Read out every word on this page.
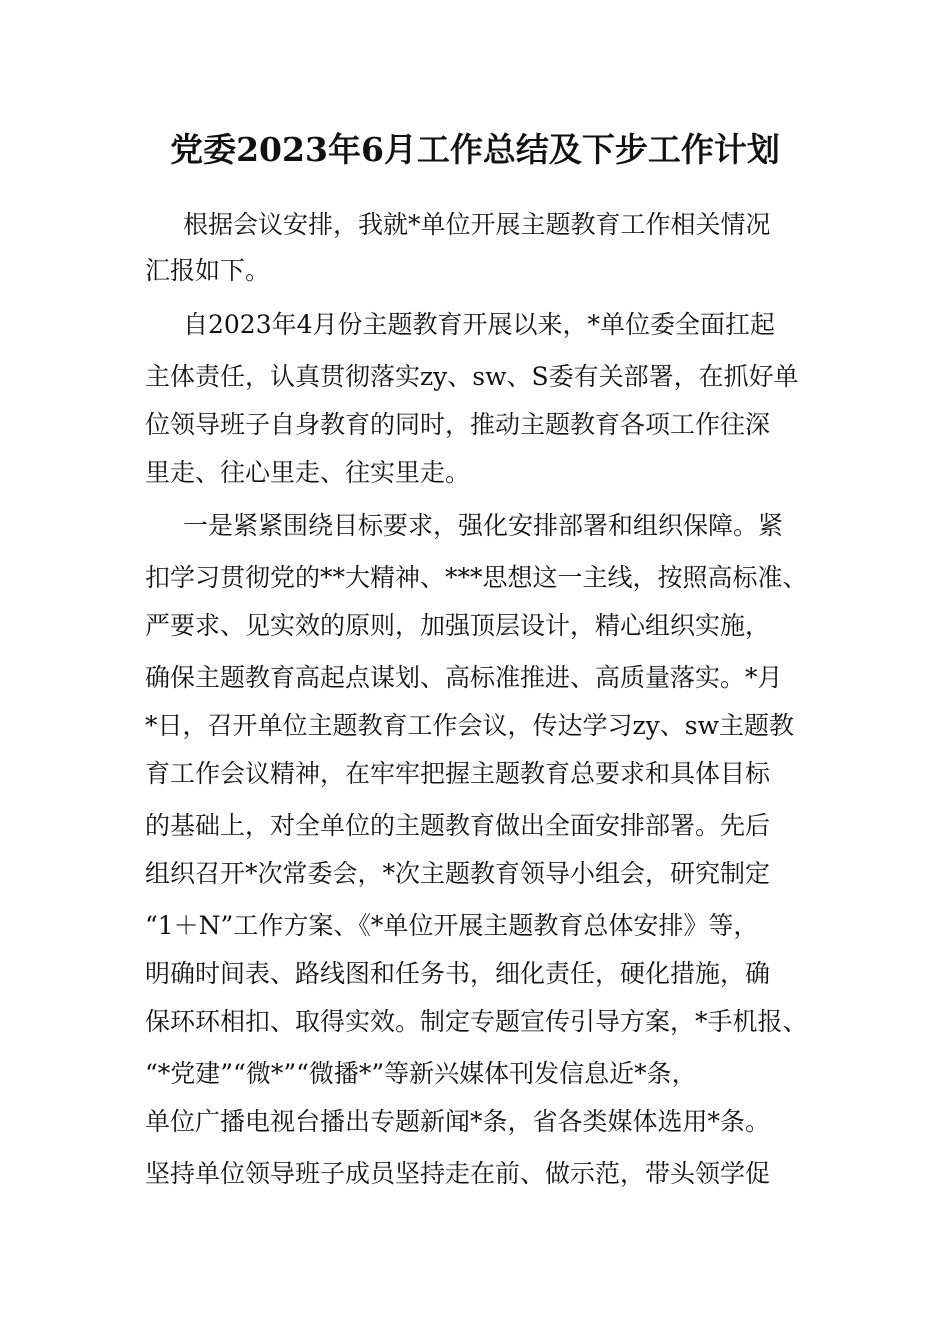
党委2023年6月工作总结及下步工作计划

根据会议安排，我就*单位开展主题教育工作相关情况

汇报如下。

自2023年4月份主题教育开展以来，*单位委全面扛起

主体责任，认真贯彻落实zy、sw、S委有关部署，在抓好单

位领导班子自身教育的同时，推动主题教育各项工作往深

里走、往心里走、往实里走。

一是紧紧围绕目标要求，强化安排部署和组织保障。紧

扣学习贯彻党的**大精神、***思想这一主线，按照高标准、

严要求、见实效的原则，加强顶层设计，精心组织实施，

确保主题教育高起点谋划、高标准推进、高质量落实。*月

*日，召开单位主题教育工作会议，传达学习zy、sw主题教

育工作会议精神，在牢牢把握主题教育总要求和具体目标

的基础上，对全单位的主题教育做出全面安排部署。先后

组织召开*次常委会，*次主题教育领导小组会，研究制定

“1＋N”工作方案、《*单位开展主题教育总体安排》等，

明确时间表、路线图和任务书，细化责任，硬化措施，确

保环环相扣、取得实效。制定专题宣传引导方案，*手机报、

“*党建”“微*”“微播*”等新兴媒体刊发信息近*条，

单位广播电视台播出专题新闻*条，省各类媒体选用*条。

坚持单位领导班子成员坚持走在前、做示范，带头领学促
